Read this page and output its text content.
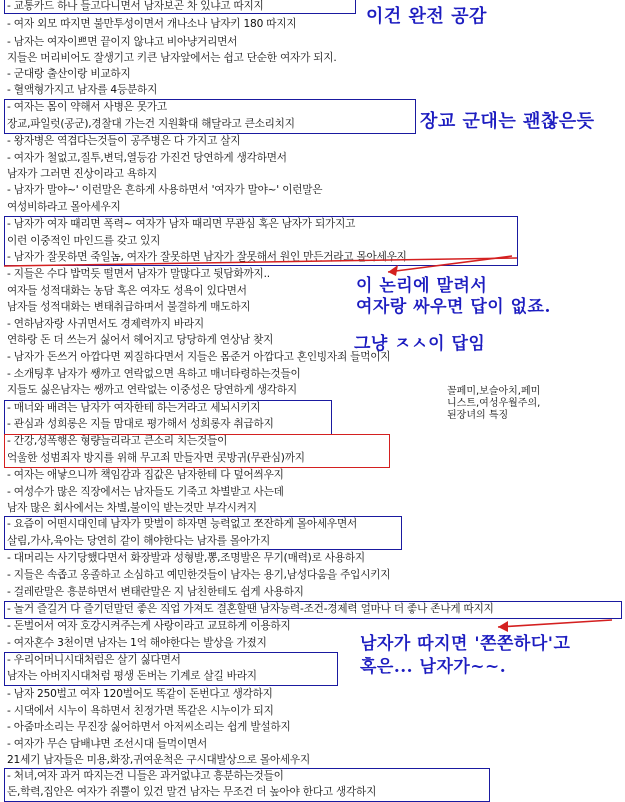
- 교통카드 하나 들고다니면서 남자보곤 차 있냐고 따지지
- 여자 외모 따지면 불만투성이면서 개나소나 남자키 180 따지지
- 남자는 여자이쁘면 끝이지 않냐고 비아냥거리면서
지들은 머리비어도 잘생기고 키큰 남자앞에서는 쉽고 단순한 여자가 되지.
- 군대랑 출산이랑 비교하지
- 혈액형가지고 남자를 4등분하지
- 여자는 몸이 약해서 사병은 못가고
장교,파일럿(공군),경찰대 가는건 지원확대 해달라고 큰소리치지
- 왕자병은 역겹다는것들이 공주병은 다 가지고 살지
- 여자가 철없고,질투,변덕,열등감 가진건 당연하게 생각하면서
남자가 그러면 진상이라고 욕하지
- 남자가 말야~' 이런말은 흔하게 사용하면서 '여자가 말야~' 이런말은
여성비하라고 몰아세우지
- 남자가 여자 때리면 폭력~ 여자가 남자 때리면 무관심 혹은 남자가 되가지고
이런 이중적인 마인드를 갖고 있지
- 남자가 잘못하면 죽일놈, 여자가 잘못하면 남자가 잘못해서 원인 만든거라고 몰아세우지
- 지들은 수다 밥먹듯 떨면서 남자가 말많다고 뒷담화까지..
여자들 성적대화는 농담 혹은 여자도 성욕이 있다면서
남자들 성적대화는 변태취급하며서 불결하게 매도하지
- 연하남자랑 사귀면서도 경제력까지 바라지
연하랑 돈 더 쓰는거 싫어서 헤어지고 당당하게 연상남 찾지
- 남자가 돈쓰거 아깝다면 찌질하다면서 지들은 몸준거 아깝다고 혼인빙자죄 들먹이지
- 소개팅후 남자가 쌩까고 연락없으면 욕하고 매너타령하는것들이
지들도 싫은남자는 쌩까고 연락없는 이중성은 당연하게 생각하지
- 매너와 배려는 남자가 여자한테 하는거라고 세뇌시키지
- 관심과 성희롱은 지들 맘대로 평가해서 성희롱자 취급하지
- 간강,성폭행은 형량늘리라고 큰소리 치는것들이
억울한 성범죄자 방지를 위해 무고죄 만들자면 콧방귀(무관심)까지
- 여자는 애낳으니까 책임감과 집값은 남자한테 다 덮어씌우지
- 여성수가 많은 직장에서는 남자들도 기죽고 차별받고 사는데
남자 많은 회사에서는 차별,불이익 받는것만 부각시켜지
- 요즘이 어떤시대인데 남자가 맞벌이 하자면 능력없고 쪼잔하게 몰아세우면서
살림,가사,육아는 당연히 같이 해야한다는 남자를 몰아가지
- 대머리는 사기당했다면서 화장발과 성형발,뽕,조명발은 무기(매력)로 사용하지
- 지들은 속좁고 옹졸하고 소심하고 예민한것들이 남자는 용기,남성다움을 주입시키지
- 걸레란말은 흥분하면서 변태란말은 지 남친한테도 쉽게 사용하지
- 놀거 즐길거 다 즐기던말던 좋은 직업 가져도 결혼할땐 남자능력-조건-경제력 얼마나 더 좋나 존나게 따지지
- 돈벌어서 여자 호강시켜주는게 사랑이라고 교묘하게 이용하지
- 여자혼수 3천이면 남자는 1억 해야한다는 발상을 가졌지
- 우리어머니시대처럼은 살기 싫다면서
남자는 아버지시대처럼 평생 돈버는 기계로 살길 바라지
- 남자 250벌고 여자 120벌어도 똑같이 돈번다고 생각하지
- 시댁에서 시누이 욕하면서 친정가면 똑같은 시누이가 되지
- 아줌마소리는 무진장 싫어하면서 아저씨소리는 쉽게 발설하지
- 여자가 무슨 담배냐면 조선시대 들먹이면서
21세기 남자들은 미용,화장,귀여운척은 구시대발상으로 몰아세우지
- 처녀,여자 과거 따지는건 니들은 과거없냐고 흥분하는것들이
돈,학력,집안은 여자가 쥐뿔이 있건 말건 남자는 무조건 더 높아야 한다고 생각하지
이건 완전 공감
장교 군대는 괜찮은듯
이 논리에 말려서
여자랑 싸우면 답이 없죠.
그냥 ㅈㅅ이 답임
남자가 따지면 '쫀쫀하다'고
혹은... 남자가~~.
꼴페미,보슬아치,페미
니스트,여성우월주의,
된장녀의 특징
